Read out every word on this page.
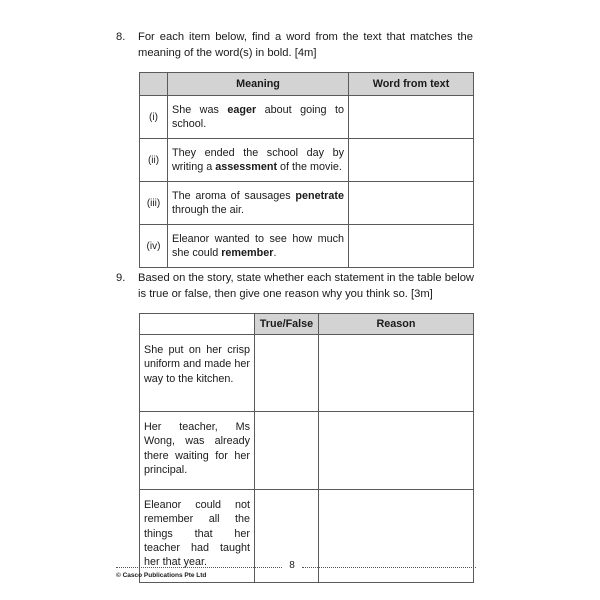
8. For each item below, find a word from the text that matches the meaning of the word(s) in bold. [4m]
	Meaning	Word from text
(i)	She was eager about going to school.	
(ii)	They ended the school day by writing a assessment of the movie.	
(iii)	The aroma of sausages penetrate through the air.	
(iv)	Eleanor wanted to see how much she could remember.	
9. Based on the story, state whether each statement in the table below is true or false, then give one reason why you think so. [3m]
	True/False	Reason
She put on her crisp uniform and made her way to the kitchen.		
Her teacher, Ms Wong, was already there waiting for her principal.		
Eleanor could not remember all the things that her teacher had taught her that year.			8
© Casco Publications Pte Ltd
